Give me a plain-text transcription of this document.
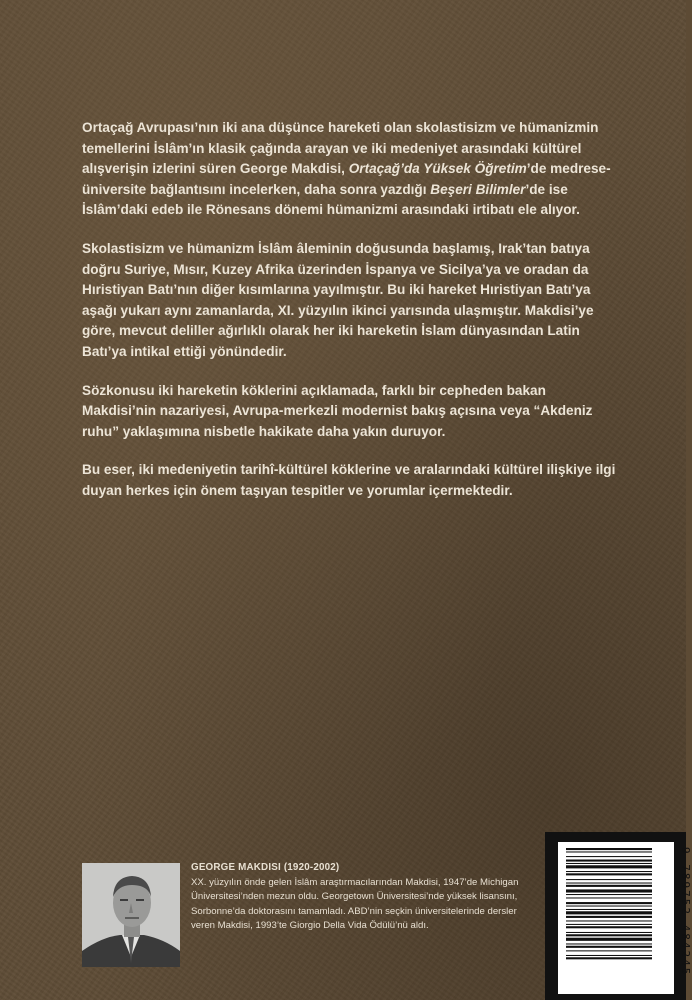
Ortaçağ Avrupası’nın iki ana düşünce hareketi olan skolastisizm ve hümanizmin temellerini İslâm’ın klasik çağında arayan ve iki medeniyet arasındaki kültürel alışverişin izlerini süren George Makdisi, Ortaçağ’da Yüksek Öğretim’de medrese-üniversite bağlantısını incelerken, daha sonra yazdığı Beşeri Bilimler’de ise İslâm’daki edeb ile Rönesans dönemi hümanizmi arasındaki irtibatı ele alıyor.

Skolastisizm ve hümanizm İslâm âleminin doğusunda başlamış, Irak’tan batıya doğru Suriye, Mısır, Kuzey Afrika üzerinden İspanya ve Sicilya’ya ve oradan da Hıristiyan Batı’nın diğer kısımlarına yayılmıştır. Bu iki hareket Hıristiyan Batı’ya aşağı yukarı aynı zamanlarda, XI. yüzyılın ikinci yarısında ulaşmıştır. Makdisi’ye göre, mevcut deliller ağırlıklı olarak her iki hareketin İslam dünyasından Latin Batı’ya intikal ettiği yönündedir.

Sözkonusu iki hareketin köklerini açıklamada, farklı bir cepheden bakan Makdisi’nin nazariyesi, Avrupa-merkezli modernist bakış açısına veya “Akdeniz ruhu” yaklaşımına nisbetle hakikate daha yakın duruyor.

Bu eser, iki medeniyetin tarihî-kültürel köklerine ve aralarındaki kültürel ilişkiye ilgi duyan herkes için önem taşıyan tespitler ve yorumlar içermektedir.

GEORGE MAKDISI (1920-2002)
XX. yüzyılın önde gelen İslâm araştırmacılarından Makdisi, 1947’de Michigan Üniversitesi’nden mezun oldu. Georgetown Üniversitesi’nde yüksek lisansını, Sorbonne’da doktorasını tamamladı. ABD’nin seçkin üniversitelerinde dersler veren Makdisi, 1993’te Giorgio Della Vida Ödülü’nü aldı.	9 789752 484245
